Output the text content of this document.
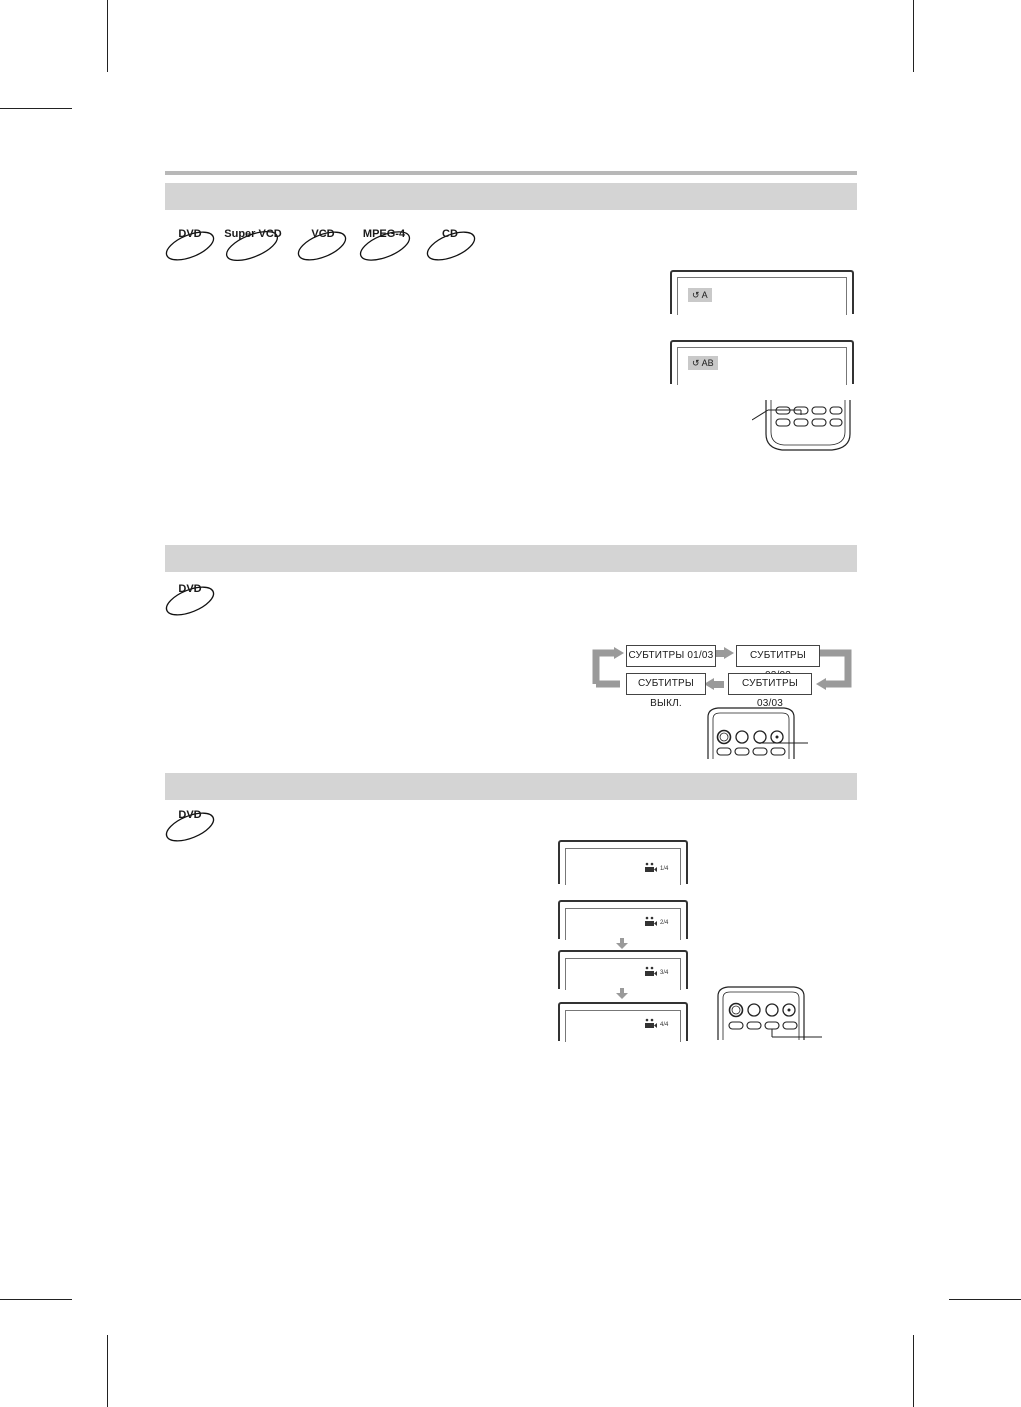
DVD	Super VCD	VCD	MPEG-4	CD
↺ A
↺ AB
DVD
СУБТИТРЫ 01/03	СУБТИТРЫ
СУБТИТРЫ ВЫКЛ.
СУБТИТРЫ 03/03
DVD
1/4
2/4
3/4
4/4
